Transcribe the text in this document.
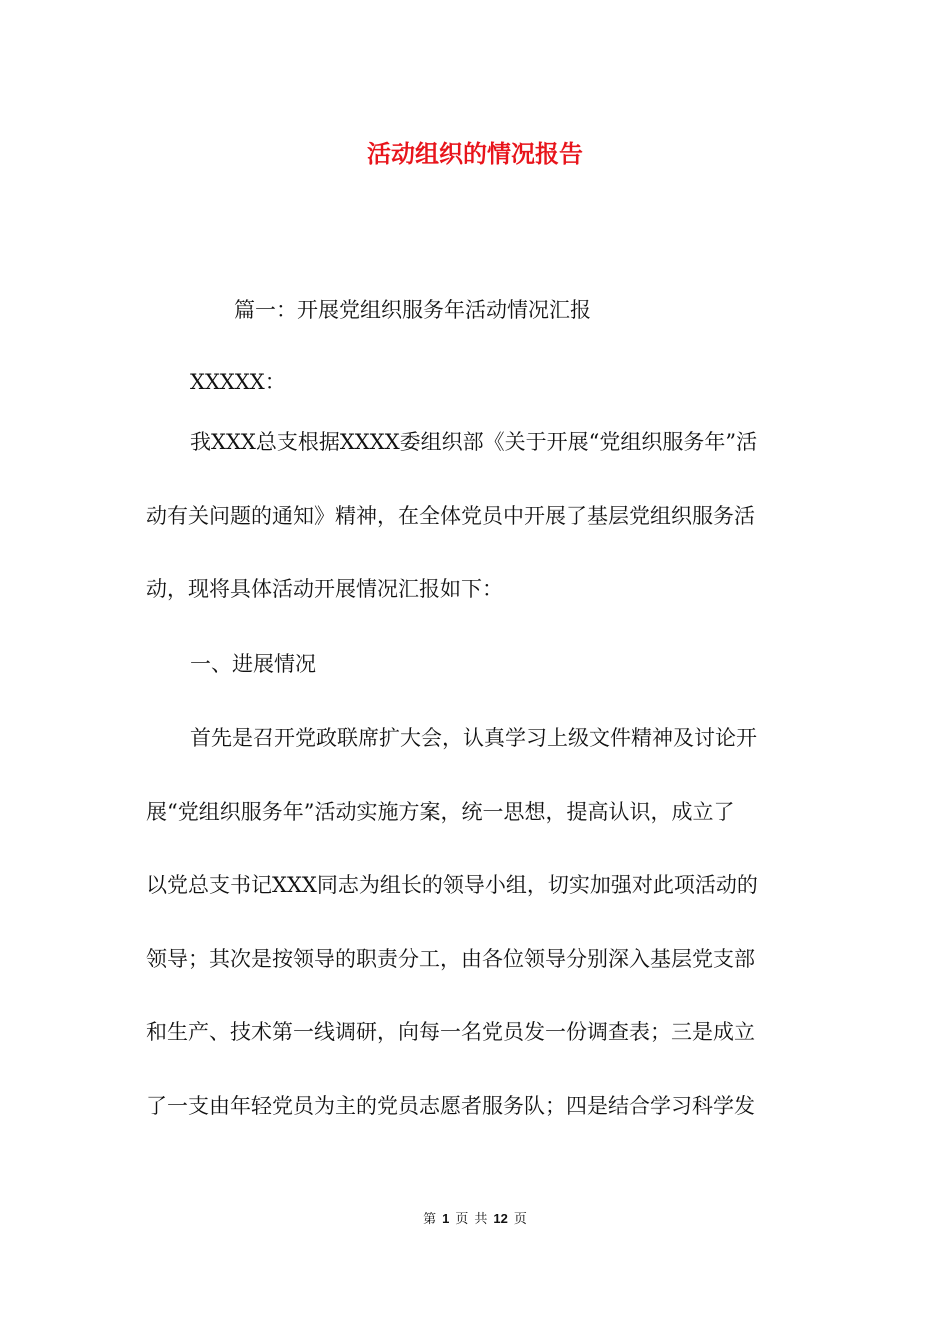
活动组织的情况报告
篇一：开展党组织服务年活动情况汇报
XXXXX：
我XXX总支根据XXXX委组织部《关于开展“党组织服务年”活
动有关问题的通知》精神，在全体党员中开展了基层党组织服务活
动，现将具体活动开展情况汇报如下：
一、进展情况
首先是召开党政联席扩大会，认真学习上级文件精神及讨论开
展“党组织服务年”活动实施方案，统一思想，提高认识，成立了
以党总支书记XXX同志为组长的领导小组，切实加强对此项活动的
领导；其次是按领导的职责分工，由各位领导分别深入基层党支部
和生产、技术第一线调研，向每一名党员发一份调查表；三是成立
了一支由年轻党员为主的党员志愿者服务队；四是结合学习科学发
第 1 页 共 12 页
